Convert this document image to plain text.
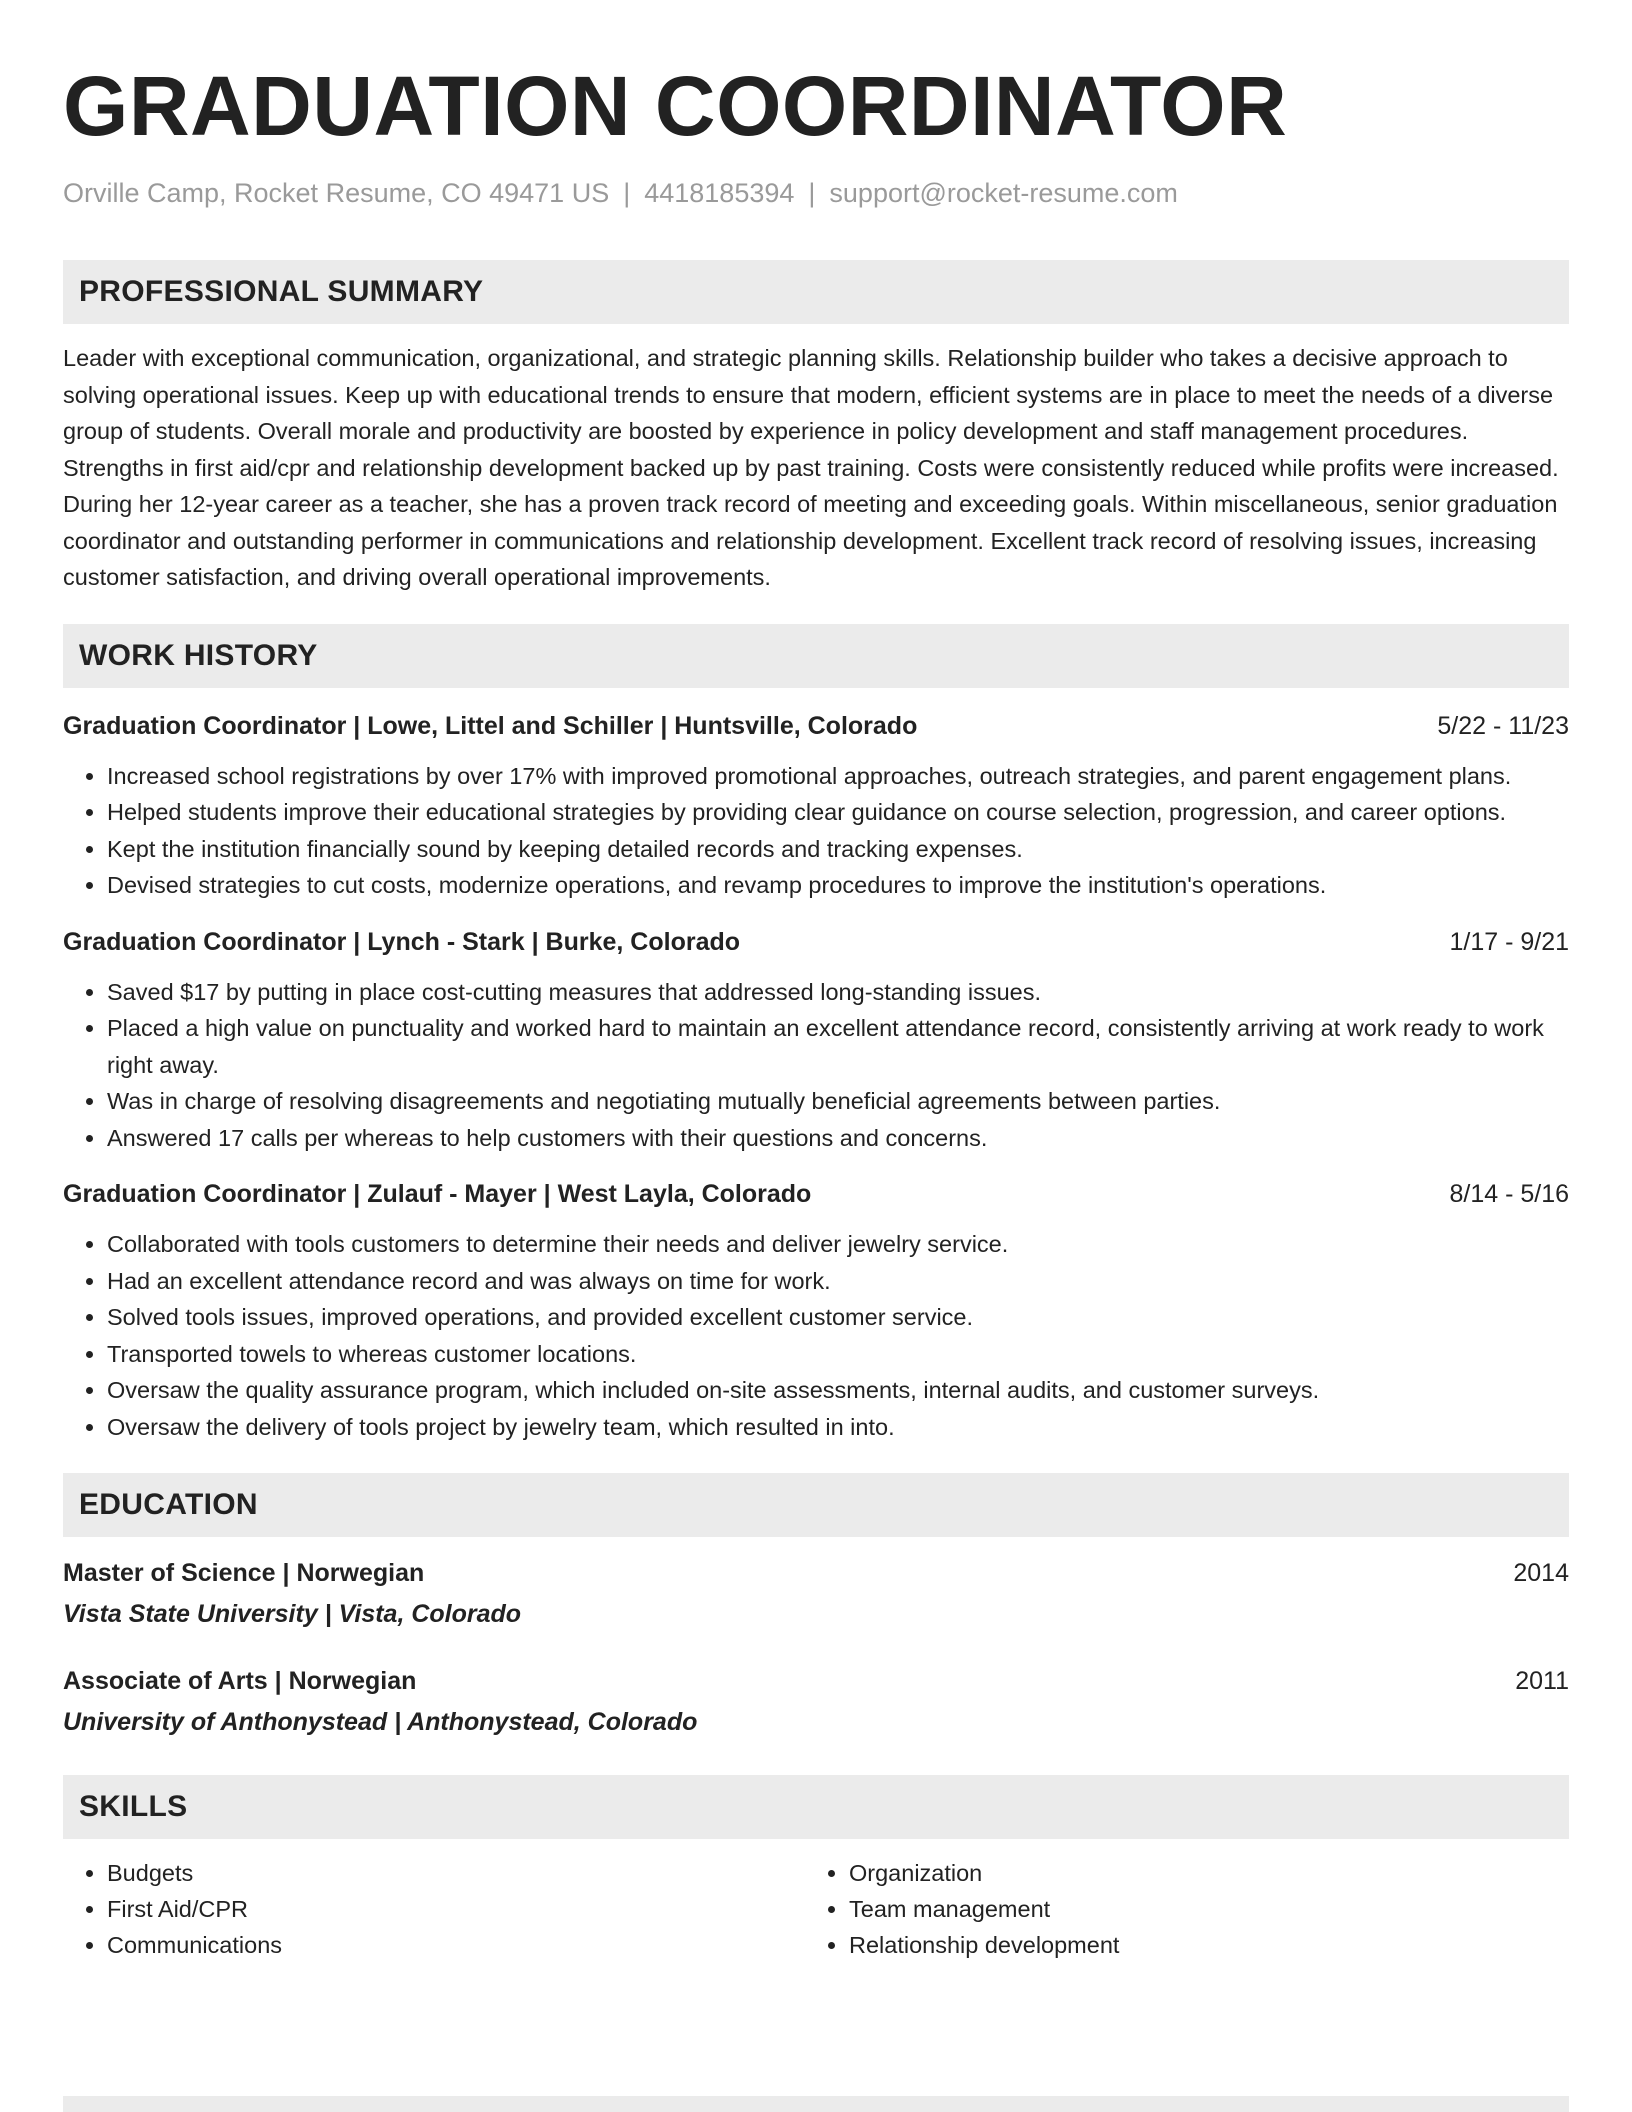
GRADUATION COORDINATOR
Orville Camp, Rocket Resume, CO 49471 US | 4418185394 | support@rocket-resume.com
PROFESSIONAL SUMMARY
Leader with exceptional communication, organizational, and strategic planning skills. Relationship builder who takes a decisive approach to solving operational issues. Keep up with educational trends to ensure that modern, efficient systems are in place to meet the needs of a diverse group of students. Overall morale and productivity are boosted by experience in policy development and staff management procedures. Strengths in first aid/cpr and relationship development backed up by past training. Costs were consistently reduced while profits were increased. During her 12-year career as a teacher, she has a proven track record of meeting and exceeding goals. Within miscellaneous, senior graduation coordinator and outstanding performer in communications and relationship development. Excellent track record of resolving issues, increasing customer satisfaction, and driving overall operational improvements.
WORK HISTORY
Graduation Coordinator | Lowe, Littel and Schiller | Huntsville, Colorado	5/22 - 11/23
• Increased school registrations by over 17% with improved promotional approaches, outreach strategies, and parent engagement plans.
• Helped students improve their educational strategies by providing clear guidance on course selection, progression, and career options.
• Kept the institution financially sound by keeping detailed records and tracking expenses.
• Devised strategies to cut costs, modernize operations, and revamp procedures to improve the institution's operations.
Graduation Coordinator | Lynch - Stark | Burke, Colorado	1/17 - 9/21
• Saved $17 by putting in place cost-cutting measures that addressed long-standing issues.
• Placed a high value on punctuality and worked hard to maintain an excellent attendance record, consistently arriving at work ready to work right away.
• Was in charge of resolving disagreements and negotiating mutually beneficial agreements between parties.
• Answered 17 calls per whereas to help customers with their questions and concerns.
Graduation Coordinator | Zulauf - Mayer | West Layla, Colorado	8/14 - 5/16
• Collaborated with tools customers to determine their needs and deliver jewelry service.
• Had an excellent attendance record and was always on time for work.
• Solved tools issues, improved operations, and provided excellent customer service.
• Transported towels to whereas customer locations.
• Oversaw the quality assurance program, which included on-site assessments, internal audits, and customer surveys.
• Oversaw the delivery of tools project by jewelry team, which resulted in into.
EDUCATION
Master of Science | Norwegian	2014
Vista State University | Vista, Colorado
Associate of Arts | Norwegian	2011
University of Anthonystead | Anthonystead, Colorado
SKILLS
• Budgets
• First Aid/CPR
• Communications
• Organization
• Team management
• Relationship development
